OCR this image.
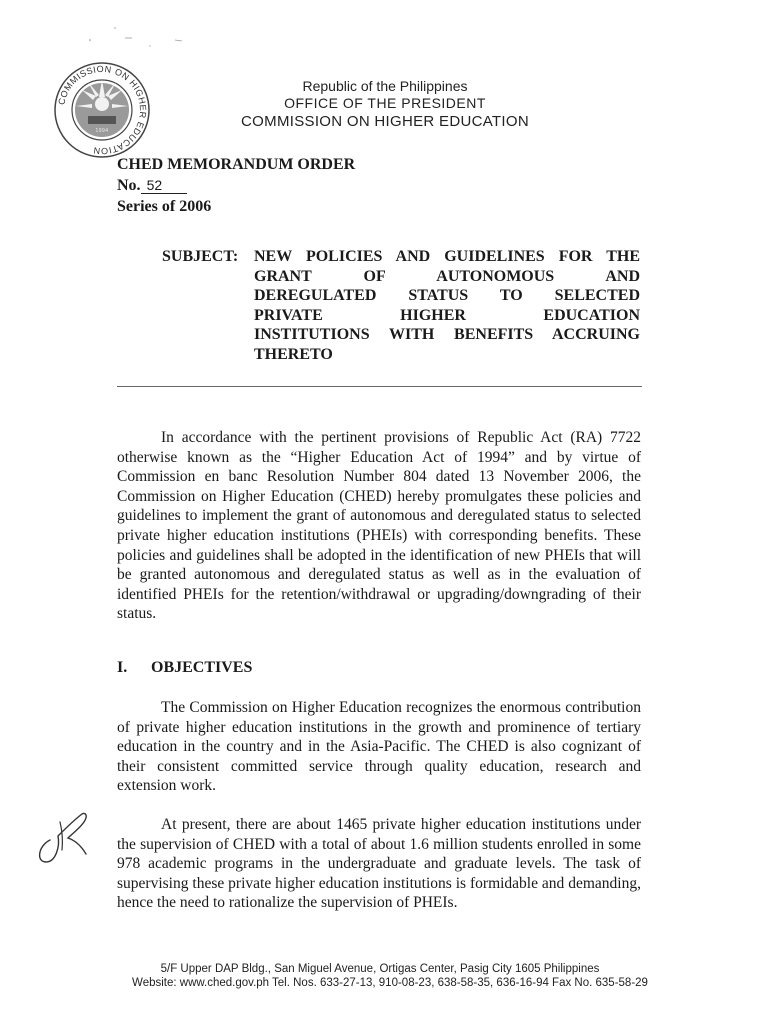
1994
COMMISSION ON HIGHER EDUCATION
Republic of the Philippines
OFFICE OF THE PRESIDENT
COMMISSION ON HIGHER EDUCATION
CHED MEMORANDUM ORDER
No. 52
Series of 2006
SUBJECT: NEW POLICIES AND GUIDELINES FOR THE
GRANT OF AUTONOMOUS AND
DEREGULATED STATUS TO SELECTED
PRIVATE HIGHER EDUCATION
INSTITUTIONS WITH BENEFITS ACCRUING
THERETO
In accordance with the pertinent provisions of Republic Act (RA) 7722 otherwise known as the “Higher Education Act of 1994” and by virtue of Commission en banc Resolution Number 804 dated 13 November 2006, the Commission on Higher Education (CHED) hereby promulgates these policies and guidelines to implement the grant of autonomous and deregulated status to selected private higher education institutions (PHEIs) with corresponding benefits. These policies and guidelines shall be adopted in the identification of new PHEIs that will be granted autonomous and deregulated status as well as in the evaluation of identified PHEIs for the retention/withdrawal or upgrading/downgrading of their status.
I. OBJECTIVES
The Commission on Higher Education recognizes the enormous contribution of private higher education institutions in the growth and prominence of tertiary education in the country and in the Asia-Pacific. The CHED is also cognizant of their consistent committed service through quality education, research and extension work.
At present, there are about 1465 private higher education institutions under the supervision of CHED with a total of about 1.6 million students enrolled in some 978 academic programs in the undergraduate and graduate levels. The task of supervising these private higher education institutions is formidable and demanding, hence the need to rationalize the supervision of PHEIs.
5/F Upper DAP Bldg., San Miguel Avenue, Ortigas Center, Pasig City 1605 Philippines
Website: www.ched.gov.ph Tel. Nos. 633-27-13, 910-08-23, 638-58-35, 636-16-94 Fax No. 635-58-29
